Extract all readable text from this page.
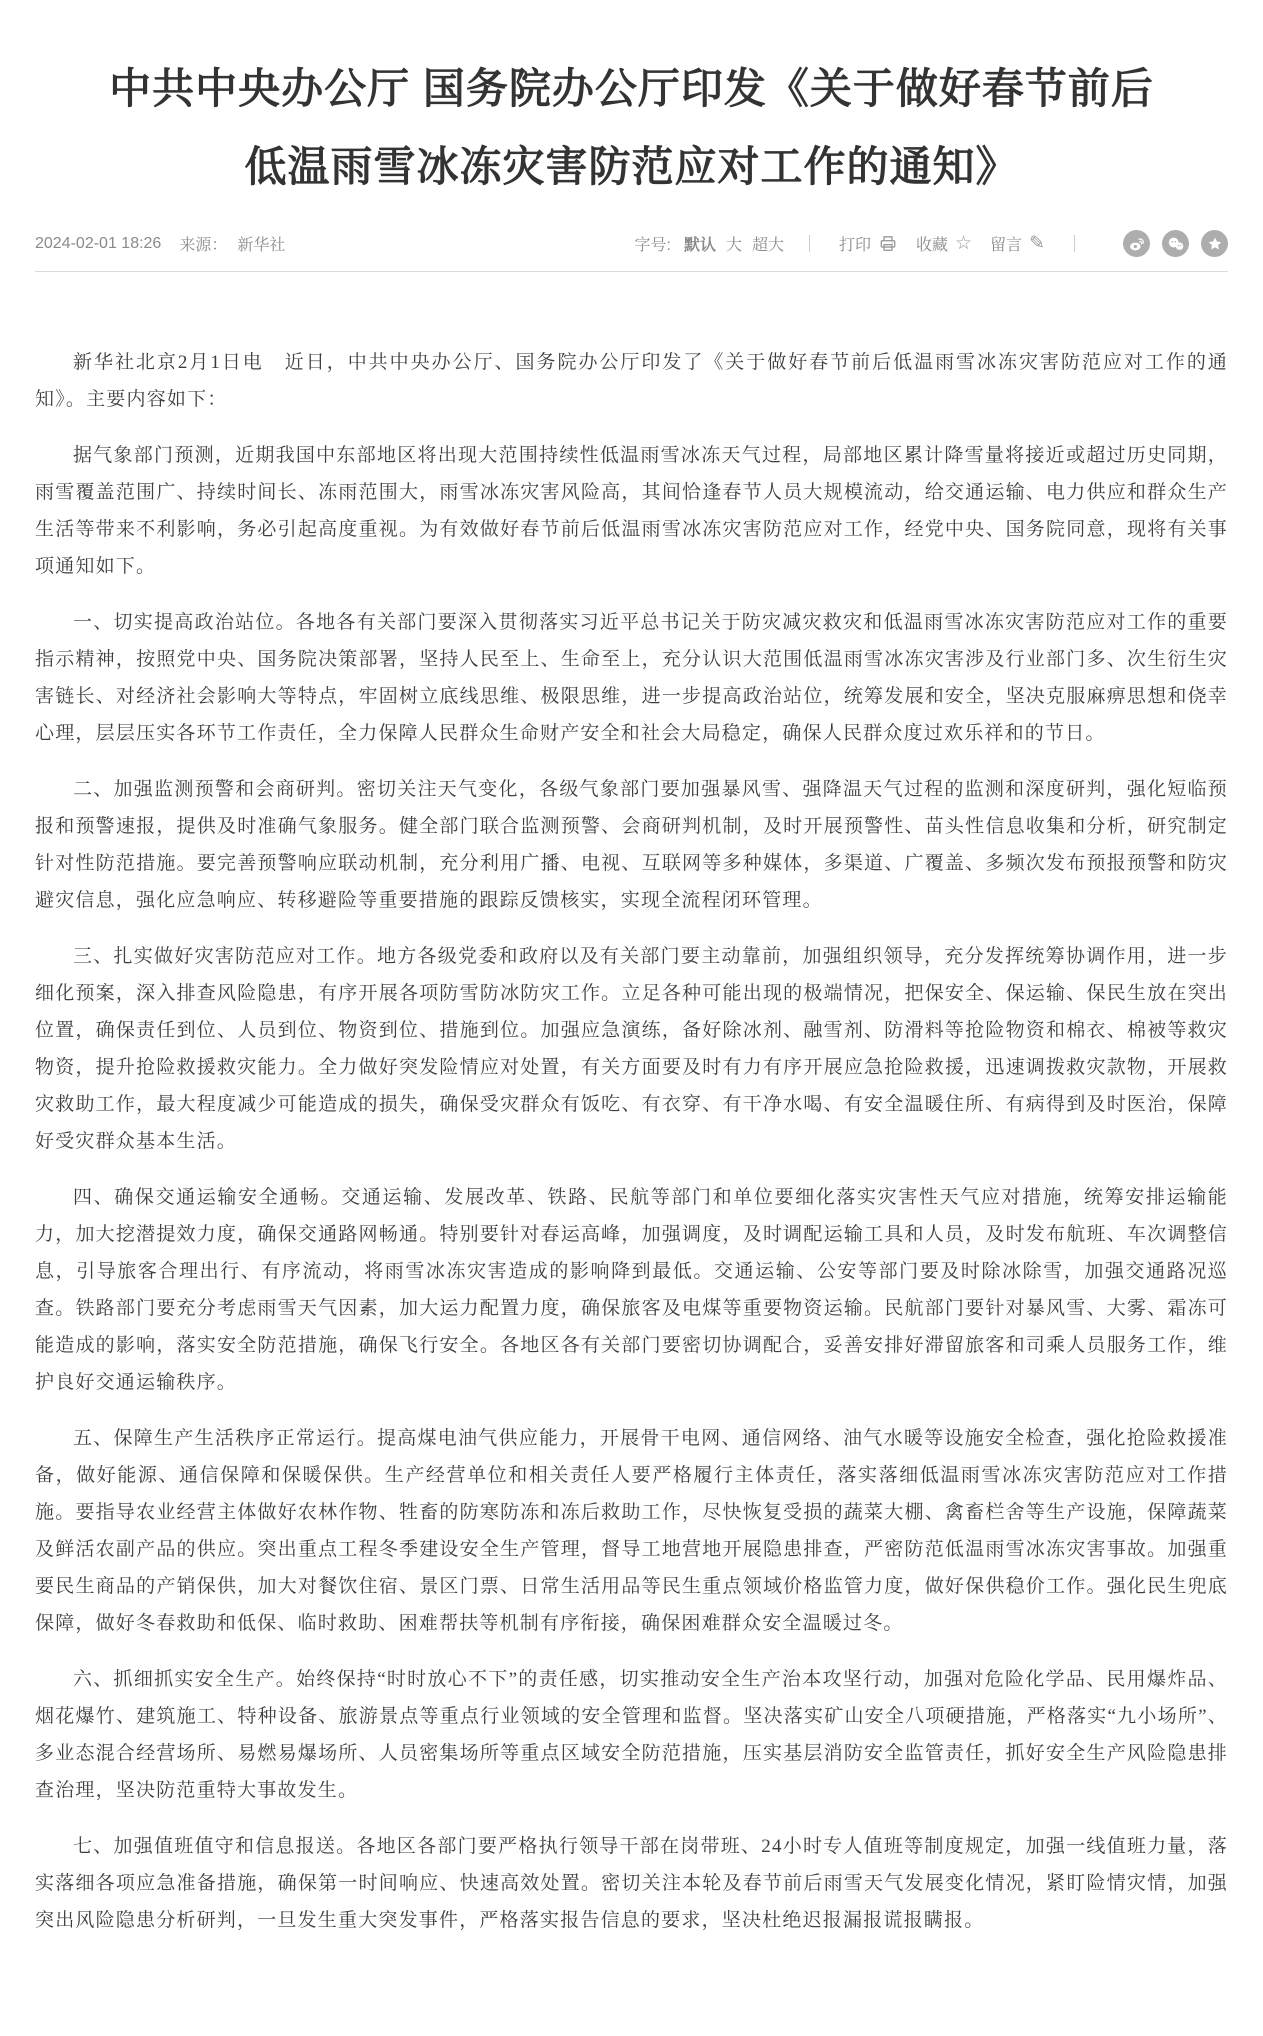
中共中央办公厅 国务院办公厅印发《关于做好春节前后低温雨雪冰冻灾害防范应对工作的通知》
2024-02-01 18:26 来源： 新华社	字号: 默认 大 超大	打印	收藏 ☆ 留言 ✎

新华社北京2月1日电　近日，中共中央办公厅、国务院办公厅印发了《关于做好春节前后低温雨雪冰冻灾害防范应对工作的通知》。主要内容如下：

据气象部门预测，近期我国中东部地区将出现大范围持续性低温雨雪冰冻天气过程，局部地区累计降雪量将接近或超过历史同期，雨雪覆盖范围广、持续时间长、冻雨范围大，雨雪冰冻灾害风险高，其间恰逢春节人员大规模流动，给交通运输、电力供应和群众生产生活等带来不利影响，务必引起高度重视。为有效做好春节前后低温雨雪冰冻灾害防范应对工作，经党中央、国务院同意，现将有关事项通知如下。

一、切实提高政治站位。各地各有关部门要深入贯彻落实习近平总书记关于防灾减灾救灾和低温雨雪冰冻灾害防范应对工作的重要指示精神，按照党中央、国务院决策部署，坚持人民至上、生命至上，充分认识大范围低温雨雪冰冻灾害涉及行业部门多、次生衍生灾害链长、对经济社会影响大等特点，牢固树立底线思维、极限思维，进一步提高政治站位，统筹发展和安全，坚决克服麻痹思想和侥幸心理，层层压实各环节工作责任，全力保障人民群众生命财产安全和社会大局稳定，确保人民群众度过欢乐祥和的节日。

二、加强监测预警和会商研判。密切关注天气变化，各级气象部门要加强暴风雪、强降温天气过程的监测和深度研判，强化短临预报和预警速报，提供及时准确气象服务。健全部门联合监测预警、会商研判机制，及时开展预警性、苗头性信息收集和分析，研究制定针对性防范措施。要完善预警响应联动机制，充分利用广播、电视、互联网等多种媒体，多渠道、广覆盖、多频次发布预报预警和防灾避灾信息，强化应急响应、转移避险等重要措施的跟踪反馈核实，实现全流程闭环管理。

三、扎实做好灾害防范应对工作。地方各级党委和政府以及有关部门要主动靠前，加强组织领导，充分发挥统筹协调作用，进一步细化预案，深入排查风险隐患，有序开展各项防雪防冰防灾工作。立足各种可能出现的极端情况，把保安全、保运输、保民生放在突出位置，确保责任到位、人员到位、物资到位、措施到位。加强应急演练，备好除冰剂、融雪剂、防滑料等抢险物资和棉衣、棉被等救灾物资，提升抢险救援救灾能力。全力做好突发险情应对处置，有关方面要及时有力有序开展应急抢险救援，迅速调拨救灾款物，开展救灾救助工作，最大程度减少可能造成的损失，确保受灾群众有饭吃、有衣穿、有干净水喝、有安全温暖住所、有病得到及时医治，保障好受灾群众基本生活。

四、确保交通运输安全通畅。交通运输、发展改革、铁路、民航等部门和单位要细化落实灾害性天气应对措施，统筹安排运输能力，加大挖潜提效力度，确保交通路网畅通。特别要针对春运高峰，加强调度，及时调配运输工具和人员，及时发布航班、车次调整信息，引导旅客合理出行、有序流动，将雨雪冰冻灾害造成的影响降到最低。交通运输、公安等部门要及时除冰除雪，加强交通路况巡查。铁路部门要充分考虑雨雪天气因素，加大运力配置力度，确保旅客及电煤等重要物资运输。民航部门要针对暴风雪、大雾、霜冻可能造成的影响，落实安全防范措施，确保飞行安全。各地区各有关部门要密切协调配合，妥善安排好滞留旅客和司乘人员服务工作，维护良好交通运输秩序。

五、保障生产生活秩序正常运行。提高煤电油气供应能力，开展骨干电网、通信网络、油气水暖等设施安全检查，强化抢险救援准备，做好能源、通信保障和保暖保供。生产经营单位和相关责任人要严格履行主体责任，落实落细低温雨雪冰冻灾害防范应对工作措施。要指导农业经营主体做好农林作物、牲畜的防寒防冻和冻后救助工作，尽快恢复受损的蔬菜大棚、禽畜栏舍等生产设施，保障蔬菜及鲜活农副产品的供应。突出重点工程冬季建设安全生产管理，督导工地营地开展隐患排查，严密防范低温雨雪冰冻灾害事故。加强重要民生商品的产销保供，加大对餐饮住宿、景区门票、日常生活用品等民生重点领域价格监管力度，做好保供稳价工作。强化民生兜底保障，做好冬春救助和低保、临时救助、困难帮扶等机制有序衔接，确保困难群众安全温暖过冬。

六、抓细抓实安全生产。始终保持“时时放心不下”的责任感，切实推动安全生产治本攻坚行动，加强对危险化学品、民用爆炸品、烟花爆竹、建筑施工、特种设备、旅游景点等重点行业领域的安全管理和监督。坚决落实矿山安全八项硬措施，严格落实“九小场所”、多业态混合经营场所、易燃易爆场所、人员密集场所等重点区域安全防范措施，压实基层消防安全监管责任，抓好安全生产风险隐患排查治理，坚决防范重特大事故发生。

七、加强值班值守和信息报送。各地区各部门要严格执行领导干部在岗带班、24小时专人值班等制度规定，加强一线值班力量，落实落细各项应急准备措施，确保第一时间响应、快速高效处置。密切关注本轮及春节前后雨雪天气发展变化情况，紧盯险情灾情，加强突出风险隐患分析研判，一旦发生重大突发事件，严格落实报告信息的要求，坚决杜绝迟报漏报谎报瞒报。
